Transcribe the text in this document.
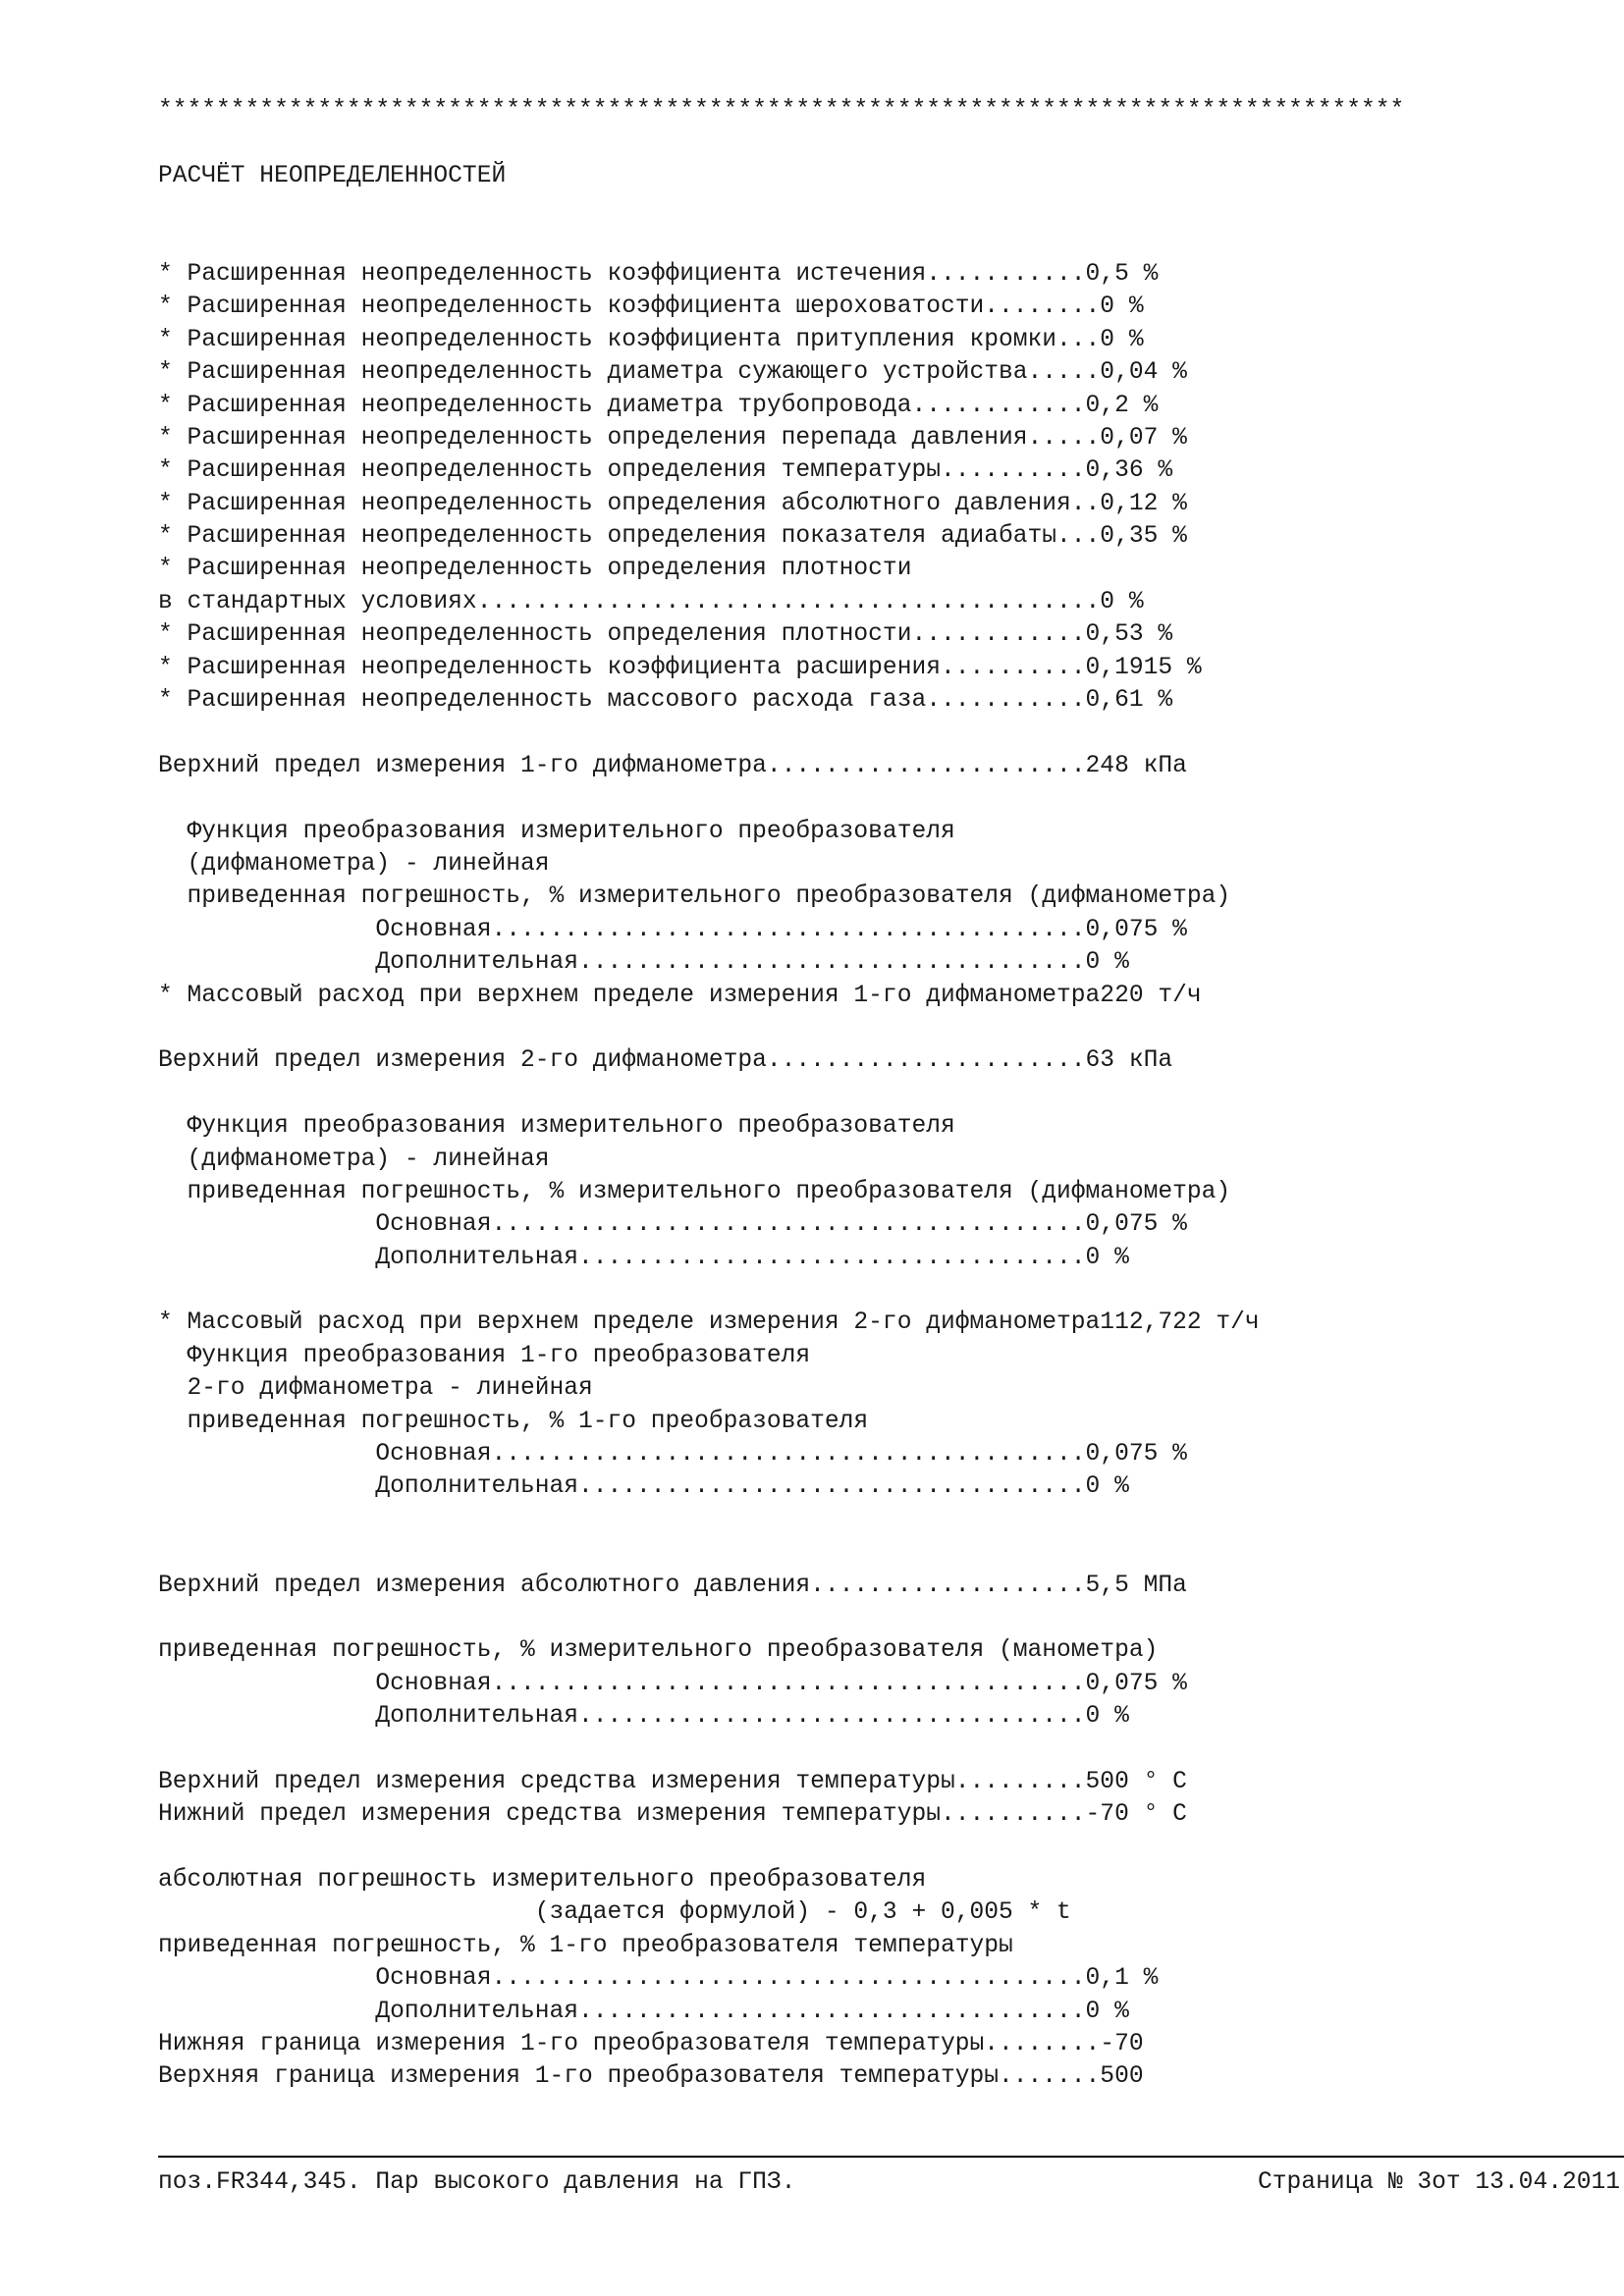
**************************************************************************************
РАСЧЁТ НЕОПРЕДЕЛЕННОСТЕЙ
* Расширенная неопределенность коэффициента истечения...........0,5 %
* Расширенная неопределенность коэффициента шероховатости........0 %
* Расширенная неопределенность коэффициента притупления кромки...0 %
* Расширенная неопределенность диаметра сужающего устройства.....0,04 %
* Расширенная неопределенность диаметра трубопровода............0,2 %
* Расширенная неопределенность определения перепада давления.....0,07 %
* Расширенная неопределенность определения температуры..........0,36 %
* Расширенная неопределенность определения абсолютного давления..0,12 %
* Расширенная неопределенность определения показателя адиабаты...0,35 %
* Расширенная неопределенность определения плотности
в стандартных условиях...........................................0 %
* Расширенная неопределенность определения плотности............0,53 %
* Расширенная неопределенность коэффициента расширения..........0,1915 %
* Расширенная неопределенность массового расхода газа...........0,61 %
Верхний предел измерения 1-го дифманометра......................248 кПа
Функция преобразования измерительного преобразователя
(дифманометра) - линейная
приведенная погрешность, % измерительного преобразователя (дифманометра)
Основная.........................................0,075 %
Дополнительная...................................0 %
* Массовый расход при верхнем пределе измерения 1-го дифманометра220 т/ч
Верхний предел измерения 2-го дифманометра......................63 кПа
Функция преобразования измерительного преобразователя
(дифманометра) - линейная
приведенная погрешность, % измерительного преобразователя (дифманометра)
Основная.........................................0,075 %
Дополнительная...................................0 %
* Массовый расход при верхнем пределе измерения 2-го дифманометра112,722 т/ч
Функция преобразования 1-го преобразователя
2-го дифманометра - линейная
приведенная погрешность, % 1-го преобразователя
Основная.........................................0,075 %
Дополнительная...................................0 %
Верхний предел измерения абсолютного давления...................5,5 МПа
приведенная погрешность, % измерительного преобразователя (манометра)
Основная.........................................0,075 %
Дополнительная...................................0 %
Верхний предел измерения средства измерения температуры.........500 ° C
Нижний предел измерения средства измерения температуры..........-70 ° C
абсолютная погрешность измерительного преобразователя
(задается формулой) - 0,3 + 0,005 * t
приведенная погрешность, % 1-го преобразователя температуры
Основная.........................................0,1 %
Дополнительная...................................0 %
Нижняя граница измерения 1-го преобразователя температуры........-70
Верхняя граница измерения 1-го преобразователя температуры.......500
поз.FR344,345. Пар высокого давления на ГПЗ.	Страница № 3от 13.04.2011
